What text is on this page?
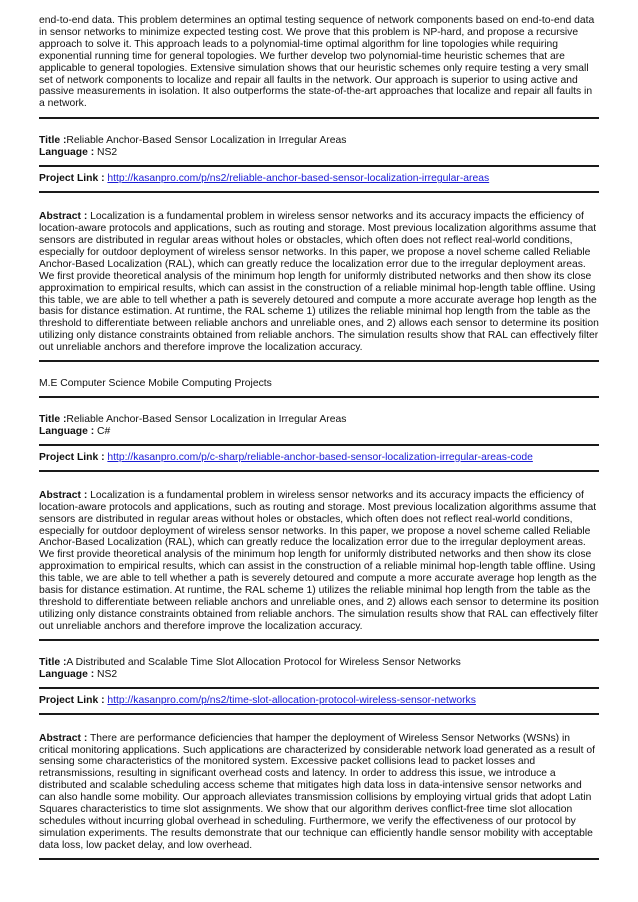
end-to-end data. This problem determines an optimal testing sequence of network components based on end-to-end data in sensor networks to minimize expected testing cost. We prove that this problem is NP-hard, and propose a recursive approach to solve it. This approach leads to a polynomial-time optimal algorithm for line topologies while requiring exponential running time for general topologies. We further develop two polynomial-time heuristic schemes that are applicable to general topologies. Extensive simulation shows that our heuristic schemes only require testing a very small set of network components to localize and repair all faults in the network. Our approach is superior to using active and passive measurements in isolation. It also outperforms the state-of-the-art approaches that localize and repair all faults in a network.

Title :Reliable Anchor-Based Sensor Localization in Irregular Areas

Language : NS2

Project Link : http://kasanpro.com/p/ns2/reliable-anchor-based-sensor-localization-irregular-areas

Abstract : Localization is a fundamental problem in wireless sensor networks and its accuracy impacts the efficiency of location-aware protocols and applications, such as routing and storage. Most previous localization algorithms assume that sensors are distributed in regular areas without holes or obstacles, which often does not reflect real-world conditions, especially for outdoor deployment of wireless sensor networks. In this paper, we propose a novel scheme called Reliable Anchor-Based Localization (RAL), which can greatly reduce the localization error due to the irregular deployment areas. We first provide theoretical analysis of the minimum hop length for uniformly distributed networks and then show its close approximation to empirical results, which can assist in the construction of a reliable minimal hop-length table offline. Using this table, we are able to tell whether a path is severely detoured and compute a more accurate average hop length as the basis for distance estimation. At runtime, the RAL scheme 1) utilizes the reliable minimal hop length from the table as the threshold to differentiate between reliable anchors and unreliable ones, and 2) allows each sensor to determine its position utilizing only distance constraints obtained from reliable anchors. The simulation results show that RAL can effectively filter out unreliable anchors and therefore improve the localization accuracy.

M.E Computer Science Mobile Computing Projects

Title :Reliable Anchor-Based Sensor Localization in Irregular Areas

Language : C#

Project Link : http://kasanpro.com/p/c-sharp/reliable-anchor-based-sensor-localization-irregular-areas-code

Abstract : Localization is a fundamental problem in wireless sensor networks and its accuracy impacts the efficiency of location-aware protocols and applications, such as routing and storage. Most previous localization algorithms assume that sensors are distributed in regular areas without holes or obstacles, which often does not reflect real-world conditions, especially for outdoor deployment of wireless sensor networks. In this paper, we propose a novel scheme called Reliable Anchor-Based Localization (RAL), which can greatly reduce the localization error due to the irregular deployment areas. We first provide theoretical analysis of the minimum hop length for uniformly distributed networks and then show its close approximation to empirical results, which can assist in the construction of a reliable minimal hop-length table offline. Using this table, we are able to tell whether a path is severely detoured and compute a more accurate average hop length as the basis for distance estimation. At runtime, the RAL scheme 1) utilizes the reliable minimal hop length from the table as the threshold to differentiate between reliable anchors and unreliable ones, and 2) allows each sensor to determine its position utilizing only distance constraints obtained from reliable anchors. The simulation results show that RAL can effectively filter out unreliable anchors and therefore improve the localization accuracy.

Title :A Distributed and Scalable Time Slot Allocation Protocol for Wireless Sensor Networks

Language : NS2

Project Link : http://kasanpro.com/p/ns2/time-slot-allocation-protocol-wireless-sensor-networks

Abstract : There are performance deficiencies that hamper the deployment of Wireless Sensor Networks (WSNs) in critical monitoring applications. Such applications are characterized by considerable network load generated as a result of sensing some characteristics of the monitored system. Excessive packet collisions lead to packet losses and retransmissions, resulting in significant overhead costs and latency. In order to address this issue, we introduce a distributed and scalable scheduling access scheme that mitigates high data loss in data-intensive sensor networks and can also handle some mobility. Our approach alleviates transmission collisions by employing virtual grids that adopt Latin Squares characteristics to time slot assignments. We show that our algorithm derives conflict-free time slot allocation schedules without incurring global overhead in scheduling. Furthermore, we verify the effectiveness of our protocol by simulation experiments. The results demonstrate that our technique can efficiently handle sensor mobility with acceptable data loss, low packet delay, and low overhead.
